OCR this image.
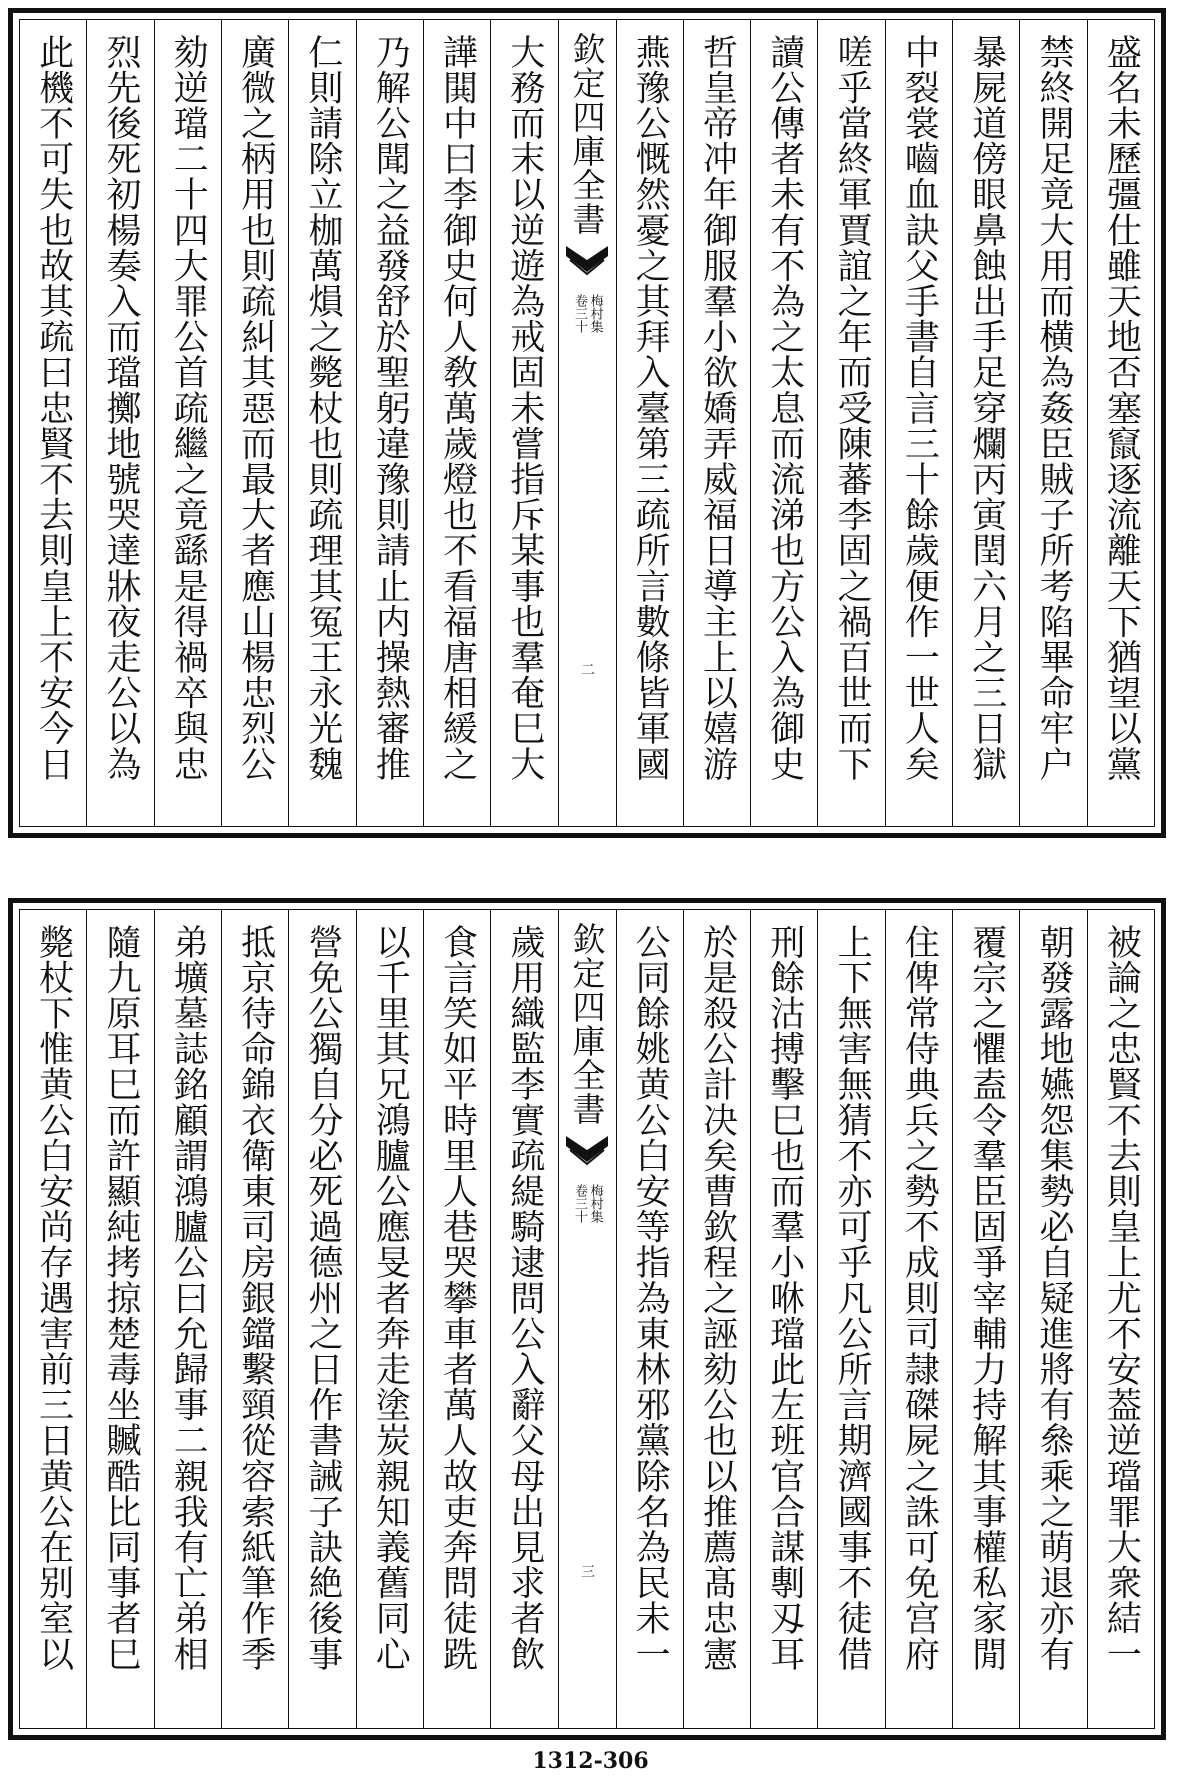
盛名未歷彊仕雖天地否塞竄逐流離天下猶望以黨
禁終開足竟大用而横為姦臣賊子所考陷畢命牢户
暴屍道傍眼鼻蝕出手足穿爛丙寅閏六月之三日獄
中裂裳嚙血訣父手書自言三十餘歲便作一世人矣
嗟乎當終軍賈誼之年而受陳蕃李固之禍百世而下
讀公傳者未有不為之太息而流涕也方公入為御史
哲皇帝冲年御服羣小欲嬌弄威福日導主上以嬉游
燕豫公慨然憂之其拜入臺第三疏所言數條皆軍國
欽定四庫全書
梅村集
卷三十
二
大務而末以逆遊為戒固未嘗指斥某事也羣奄巳大
譁閧中曰李御史何人敎萬歲燈也不看福唐相緩之
乃解公聞之益發舒於聖躬違豫則請止内操熱審推
仁則請除立枷萬熉之斃杖也則疏理其冤王永光魏
廣微之柄用也則疏糾其惡而最大者應山楊忠烈公
劾逆璫二十四大罪公首疏繼之竟繇是得禍卒與忠
烈先後死初楊奏入而璫擲地號哭達牀夜走公以為
此機不可失也故其疏曰忠賢不去則皇上不安今日
被論之忠賢不去則皇上尤不安葢逆璫罪大衆結一
朝發露地嬿怨集勢必自疑進將有叅乘之萌退亦有
覆宗之懼盍令羣臣固爭宰輔力持解其事權私家閒
住俾常侍典兵之勢不成則司隷磔屍之誅可免宫府
上下無害無猜不亦可乎凡公所言期濟國事不徒借
刑餘沽搏擊巳也而羣小咻璫此左班官合謀剸刄耳
於是殺公計决矣曹欽程之誣劾公也以推薦髙忠憲
公同餘姚黄公白安等指為東林邪黨除名為民未一
欽定四庫全書
梅村集
卷三十
三
歲用織監李實疏緹騎逮問公入辭父母出見求者飲
食言笑如平時里人巷哭攀車者萬人故吏奔問徒跣
以千里其兄鴻臚公應旻者奔走塗炭親知義舊同心
營免公獨自分必死過德州之日作書誡子訣絶後事
抵京待命錦衣衛東司房銀鐺繫頸從容索紙筆作季
弟壙墓誌銘顧謂鴻臚公曰允歸事二親我有亡弟相
隨九原耳巳而許顯純拷掠楚毒坐贓酷比同事者巳
斃杖下惟黄公白安尚存遇害前三日黄公在别室以
1312-306
